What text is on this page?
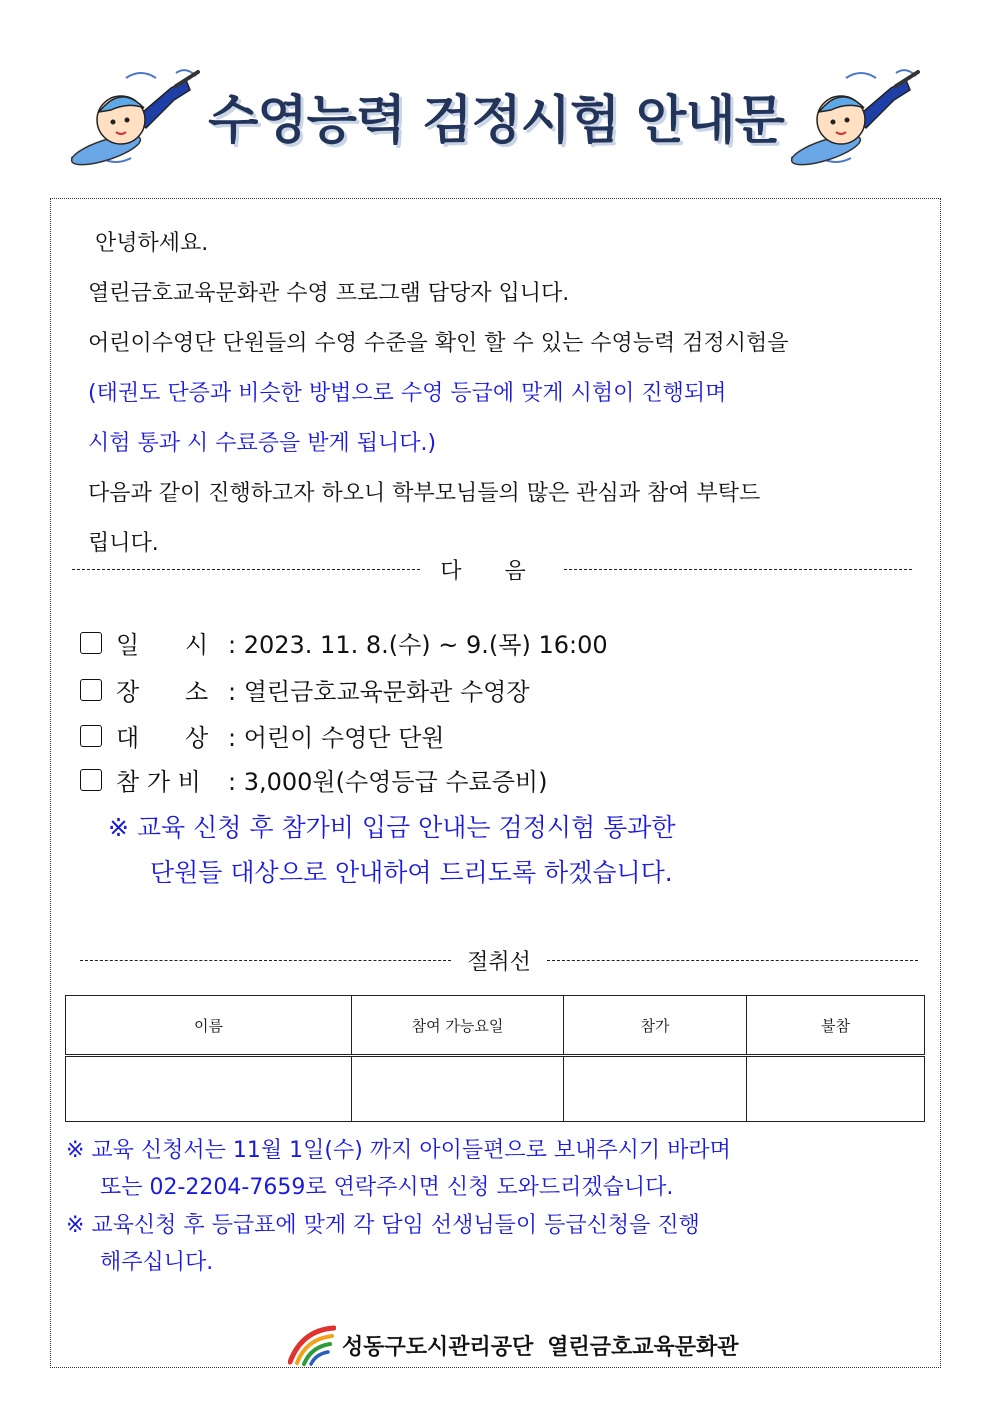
수영능력 검정시험 안내문
안녕하세요.
열린금호교육문화관 수영 프로그램 담당자 입니다.
어린이수영단 단원들의 수영 수준을 확인 할 수 있는 수영능력 검정시험을
(태권도 단증과 비슷한 방법으로 수영 등급에 맞게 시험이 진행되며
시험 통과 시 수료증을 받게 됩니다.)
다음과 같이 진행하고자 하오니 학부모님들의 많은 관심과 참여 부탁드
립니다.
다 음
일      시 : 2023. 11. 8.(수) ~ 9.(목) 16:00
장      소 : 열린금호교육문화관 수영장
대      상 : 어린이 수영단 단원
참 가 비	: 3,000원(수영등급 수료증비)
※ 교육 신청 후 참가비 입금 안내는 검정시험 통과한
단원들 대상으로 안내하여 드리도록 하겠습니다.
절취선
이름	참여 가능요일	참가	불참

※ 교육 신청서는 11월 1일(수) 까지 아이들편으로 보내주시기 바라며
또는 02-2204-7659로 연락주시면 신청 도와드리겠습니다.
※ 교육신청 후 등급표에 맞게 각 담임 선생님들이 등급신청을 진행
해주십니다.
성동구도시관리공단 열린금호교육문화관
